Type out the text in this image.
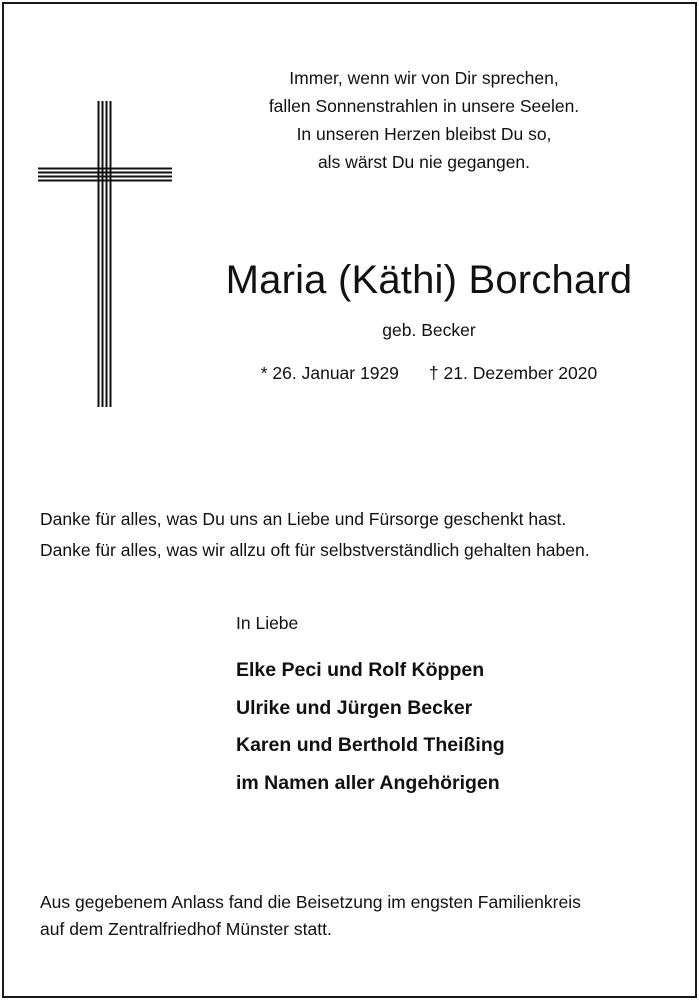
Immer, wenn wir von Dir sprechen,
fallen Sonnenstrahlen in unsere Seelen.
In unseren Herzen bleibst Du so,
als wärst Du nie gegangen.
Maria (Käthi) Borchard
geb. Becker
* 26. Januar 1929 † 21. Dezember 2020
Danke für alles, was Du uns an Liebe und Fürsorge geschenkt hast.
Danke für alles, was wir allzu oft für selbstverständlich gehalten haben.
In Liebe
Elke Peci und Rolf Köppen
Ulrike und Jürgen Becker
Karen und Berthold Theißing
im Namen aller Angehörigen
Aus gegebenem Anlass fand die Beisetzung im engsten Familienkreis
auf dem Zentralfriedhof Münster statt.
